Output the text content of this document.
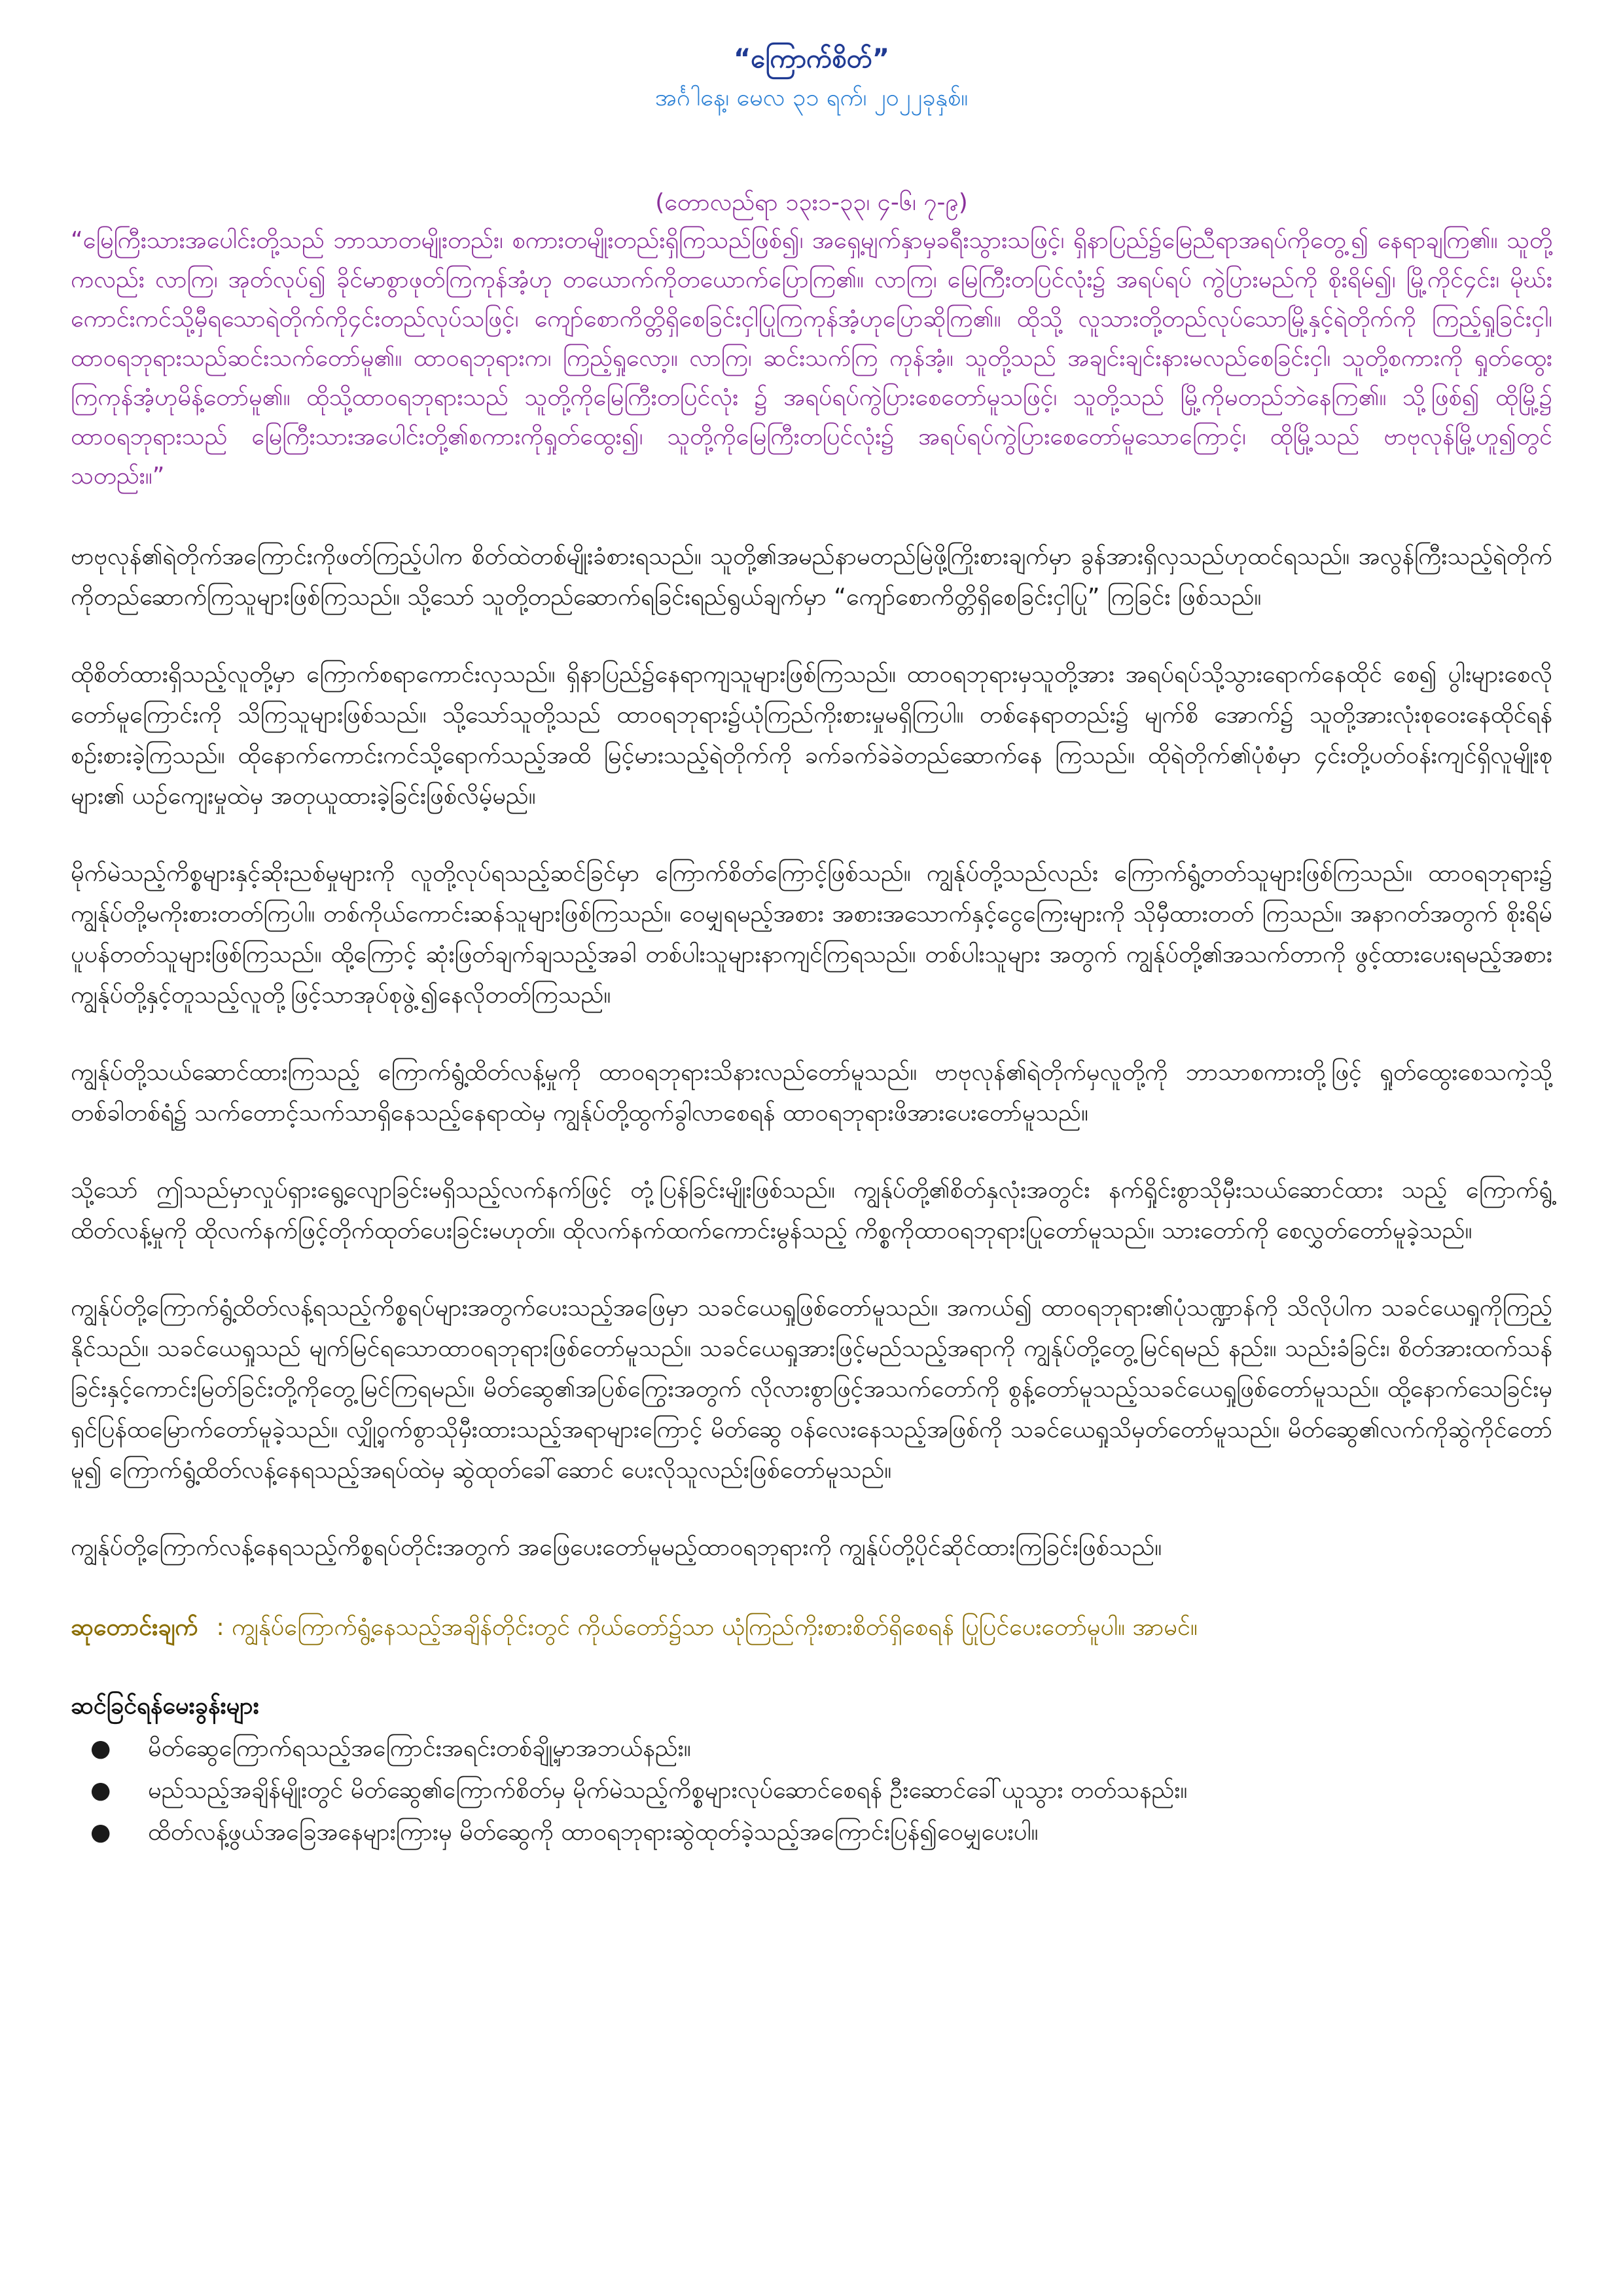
“ကြောက်စိတ်”

အင်္ဂါနေ့၊ မေလ ၃၁ ရက်၊ ၂၀၂၂ခုနှစ်။

(တောလည်ရာ ၁၃း၁-၃၃၊ ၄-၆၊ ၇-၉)
“မြေကြီးသားအပေါင်းတို့သည် ဘာသာတမျိုးတည်း၊ စကားတမျိုးတည်းရှိကြသည်ဖြစ်၍၊ အရှေ့မျက်နှာမှခရီးသွားသဖြင့်၊ ရှိနာပြည်၌မြေညီရာအရပ်ကိုတွေ့၍ နေရာချကြ၏။ သူတို့ကလည်း လာကြ၊ အုတ်လုပ်၍ ခိုင်မာစွာဖုတ်ကြကုန်အံ့ဟု တယောက်ကိုတယောက်ပြောကြ၏။ လာကြ၊ မြေကြီးတပြင်လုံး၌ အရပ်ရပ် ကွဲပြားမည်ကို စိုးရိမ်၍၊ မြို့ကိုင်၄င်း၊ မိုဃ်းကောင်းကင်သို့မှီရသောရဲတိုက်ကို၄င်းတည်လုပ်သဖြင့်၊ ကျော်စောကိတ္တိရှိစေခြင်းငှါပြုကြကုန်အံ့ဟုပြောဆိုကြ၏။ ထိုသို့ လူသားတို့တည်လုပ်သောမြို့နှင့်ရဲတိုက်ကို ကြည့်ရှုခြင်းငှါ၊ ထာဝရဘုရားသည်ဆင်းသက်တော်မူ၏။ ထာဝရဘုရားက၊ ကြည့်ရှုလော့။ လာကြ၊ ဆင်းသက်ကြ ကုန်အံ့။ သူတို့သည် အချင်းချင်းနားမလည်စေခြင်းငှါ၊ သူတို့စကားကို ရှုတ်ထွေးကြကုန်အံ့ဟုမိန့်တော်မူ၏။ ထိုသို့ထာဝရဘုရားသည် သူတို့ကိုမြေကြီးတပြင်လုံး ၌ အရပ်ရပ်ကွဲပြားစေတော်မူသဖြင့်၊ သူတို့သည် မြို့ကိုမတည်ဘဲနေကြ၏။ သို့ဖြစ်၍ ထိုမြို့၌ ထာဝရဘုရားသည် မြေကြီးသားအပေါင်းတို့၏စကားကိုရှုတ်ထွေး၍၊ သူတို့ကိုမြေကြီးတပြင်လုံး၌ အရပ်ရပ်ကွဲပြားစေတော်မူသောကြောင့်၊ ထိုမြို့သည် ဗာဗုလုန်မြို့ဟူ၍တွင်သတည်း။”
ဗာဗုလုန်၏ရဲတိုက်အကြောင်းကိုဖတ်ကြည့်ပါက စိတ်ထဲတစ်မျိုးခံစားရသည်။ သူတို့၏အမည်နာမတည်မြဲဖို့ကြိုးစားချက်မှာ ခွန်အားရှိလှသည်ဟုထင်ရသည်။ အလွန်ကြီးသည့်ရဲတိုက်ကိုတည်ဆောက်ကြသူများဖြစ်ကြသည်။ သို့သော် သူတို့တည်ဆောက်ရခြင်းရည်ရွယ်ချက်မှာ “ကျော်စောကိတ္တိရှိစေခြင်းငှါပြု” ကြခြင်း ဖြစ်သည်။
ထိုစိတ်ထားရှိသည့်လူတို့မှာ ကြောက်စရာကောင်းလှသည်။ ရှိနာပြည်၌နေရာကျသူများဖြစ်ကြသည်။ ထာဝရဘုရားမှသူတို့အား အရပ်ရပ်သို့သွားရောက်နေထိုင် စေ၍ ပွါးများစေလိုတော်မူကြောင်းကို သိကြသူများဖြစ်သည်။ သို့သော်သူတို့သည် ထာဝရဘုရား၌ယုံကြည်ကိုးစားမှုမရှိကြပါ။ တစ်နေရာတည်း၌ မျက်စိ အောက်၌ သူတို့အားလုံးစုဝေးနေထိုင်ရန်စဉ်းစားခဲ့ကြသည်။ ထိုနောက်ကောင်းကင်သို့ရောက်သည့်အထိ မြင့်မားသည့်ရဲတိုက်ကို ခက်ခက်ခဲခဲတည်ဆောက်နေ ကြသည်။ ထိုရဲတိုက်၏ပုံစံမှာ ၄င်းတို့ပတ်ဝန်းကျင်ရှိလူမျိုးစုများ၏ ယဉ်ကျေးမှုထဲမှ အတုယူထားခဲ့ခြင်းဖြစ်လိမ့်မည်။
မိုက်မဲသည့်ကိစ္စများနှင့်ဆိုးညစ်မှုများကို လူတို့လုပ်ရသည့်ဆင်ခြင်မှာ ကြောက်စိတ်ကြောင့်ဖြစ်သည်။ ကျွန်ုပ်တို့သည်လည်း ကြောက်ရွံ့တတ်သူများဖြစ်ကြသည်။ ထာဝရဘုရား၌ ကျွန်ုပ်တို့မကိုးစားတတ်ကြပါ။ တစ်ကိုယ်ကောင်းဆန်သူများဖြစ်ကြသည်။ ဝေမျှရမည့်အစား အစားအသောက်နှင့်ငွေကြေးများကို သိုမှီထားတတ် ကြသည်။ အနာဂတ်အတွက် စိုးရိမ်ပူပန်တတ်သူများဖြစ်ကြသည်။ ထို့ကြောင့် ဆုံးဖြတ်ချက်ချသည့်အခါ တစ်ပါးသူများနာကျင်ကြရသည်။ တစ်ပါးသူများ အတွက် ကျွန်ုပ်တို့၏အသက်တာကို ဖွင့်ထားပေးရမည့်အစား ကျွန်ုပ်တို့နှင့်တူသည့်လူတို့ဖြင့်သာအုပ်စုဖွဲ့၍နေလိုတတ်ကြသည်။
ကျွန်ုပ်တို့သယ်ဆောင်ထားကြသည့် ကြောက်ရွံ့ထိတ်လန့်မှုကို ထာဝရဘုရားသိနားလည်တော်မူသည်။ ဗာဗုလုန်၏ရဲတိုက်မှလူတို့ကို ဘာသာစကားတို့ဖြင့် ရှုတ်ထွေးစေသကဲ့သို့ တစ်ခါတစ်ရံ၌ သက်တောင့်သက်သာရှိနေသည့်နေရာထဲမှ ကျွန်ုပ်တို့ထွက်ခွါလာစေရန် ထာဝရဘုရားဖိအားပေးတော်မူသည်။
သို့သော် ဤသည်မှာလှုပ်ရှားရွေ့လျောခြင်းမရှိသည့်လက်နက်ဖြင့် တုံ့ပြန်ခြင်းမျိုးဖြစ်သည်။ ကျွန်ုပ်တို့၏စိတ်နှလုံးအတွင်း နက်ရှိုင်းစွာသိုမှီးသယ်ဆောင်ထား သည့် ကြောက်ရွံ့ထိတ်လန့်မှုကို ထိုလက်နက်ဖြင့်တိုက်ထုတ်ပေးခြင်းမဟုတ်။ ထိုလက်နက်ထက်ကောင်းမွန်သည့် ကိစ္စကိုထာဝရဘုရားပြုတော်မူသည်။ သားတော်ကို စေလွှတ်တော်မူခဲ့သည်။
ကျွန်ုပ်တို့ကြောက်ရွံ့ထိတ်လန့်ရသည့်ကိစ္စရပ်များအတွက်ပေးသည့်အဖြေမှာ သခင်ယေရှုဖြစ်တော်မူသည်။ အကယ်၍ ထာဝရဘုရား၏ပုံသဏ္ဍာန်ကို သိလိုပါက သခင်ယေရှုကိုကြည့်နိုင်သည်။ သခင်ယေရှုသည် မျက်မြင်ရသောထာဝရဘုရားဖြစ်တော်မူသည်။ သခင်ယေရှုအားဖြင့်မည်သည့်အရာကို ကျွန်ုပ်တို့တွေ့မြင်ရမည် နည်း။ သည်းခံခြင်း၊ စိတ်အားထက်သန်ခြင်းနှင့်ကောင်းမြတ်ခြင်းတို့ကိုတွေ့မြင်ကြရမည်။ မိတ်ဆွေ၏အပြစ်ကြွေးအတွက် လိုလားစွာဖြင့်အသက်တော်ကို စွန့်တော်မူသည့်သခင်ယေရှုဖြစ်တော်မူသည်။ ထို့နောက်သေခြင်းမှရှင်ပြန်ထမြောက်တော်မူခဲ့သည်။ လျှို့ဝှက်စွာသိုမှီးထားသည့်အရာများကြောင့် မိတ်ဆွေ ဝန်လေးနေသည့်အဖြစ်ကို သခင်ယေရှုသိမှတ်တော်မူသည်။ မိတ်ဆွေ၏လက်ကိုဆွဲကိုင်တော်မူ၍ ကြောက်ရွံ့ထိတ်လန့်နေရသည့်အရပ်ထဲမှ ဆွဲထုတ်ခေါ်ဆောင် ပေးလိုသူလည်းဖြစ်တော်မူသည်။
ကျွန်ုပ်တို့ကြောက်လန့်နေရသည့်ကိစ္စရပ်တိုင်းအတွက် အဖြေပေးတော်မူမည့်ထာဝရဘုရားကို ကျွန်ုပ်တို့ပိုင်ဆိုင်ထားကြခြင်းဖြစ်သည်။
ဆုတောင်းချက် : ကျွန်ုပ်ကြောက်ရွံ့နေသည့်အချိန်တိုင်းတွင် ကိုယ်တော်၌သာ ယုံကြည်ကိုးစားစိတ်ရှိစေရန် ပြုပြင်ပေးတော်မူပါ။ အာမင်။
ဆင်ခြင်ရန်မေးခွန်းများ
● မိတ်ဆွေကြောက်ရသည့်အကြောင်းအရင်းတစ်ချို့မှာအဘယ်နည်း။
● မည်သည့်အချိန်မျိုးတွင် မိတ်ဆွေ၏ကြောက်စိတ်မှ မိုက်မဲသည့်ကိစ္စများလုပ်ဆောင်စေရန် ဦးဆောင်ခေါ်ယူသွား တတ်သနည်း။
● ထိတ်လန့်ဖွယ်အခြေအနေများကြားမှ မိတ်ဆွေကို ထာဝရဘုရားဆွဲထုတ်ခဲ့သည့်အကြောင်းပြန်၍ဝေမျှပေးပါ။
